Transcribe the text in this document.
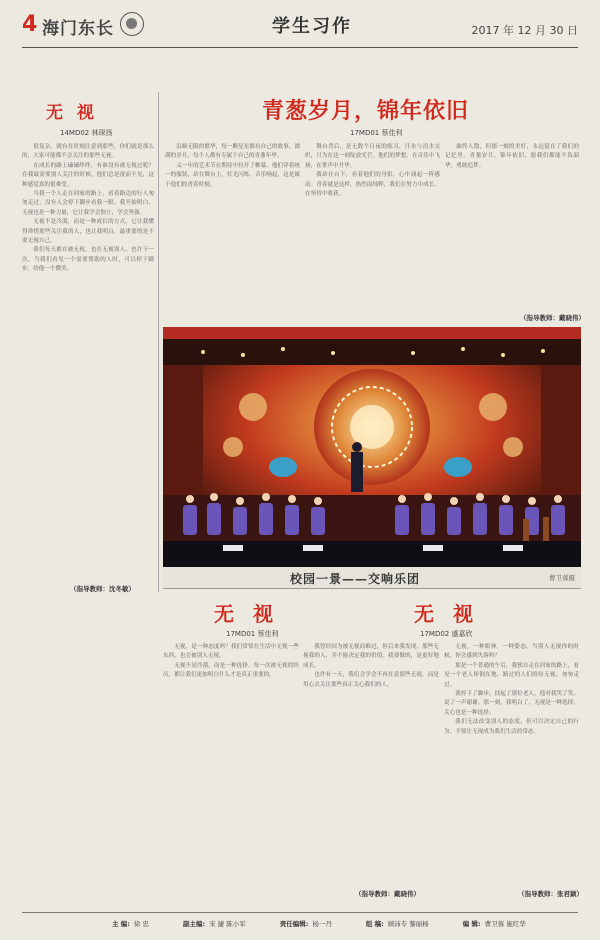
4 海门东长	学生习作	2017 年 12 月 30 日
无 视
14MD02 林琛扬

很复杂，就有在时刻注意到那些，你们就是那么的，大家可能都不会关注的那些无视。

在成长的路上磕磕绊绊，有谁没有被无视过呢？在我最需要别人关注的时候，他们总是视而不见，这种感觉真的很难受。

当我一个人走在回家的路上，看着路边的行人匆匆走过，没有人会停下脚步看我一眼。我开始明白，无视也是一种力量，它让我学会独立，学会坚强。

无视不是冷漠，而是一种成长的方式。它让我懂得珍惜那些关注我的人，也让我明白，最重要的是不要无视自己。

我们每天都在被无视，也在无视别人。也许下一次，当我们看见一个需要帮助的人时，可以停下脚步，给他一个微笑。

（指导教师：沈冬敏）
青葱岁月，锦年依旧
17MD01 蔡佳利

沿路无限的繁华，每一颗星星都有自己的故事，漂满的岁月，每个人都有专属于自己的青葱年华。

又一年的艺术节在期待中拉开了帷幕。他们穿着统一的服装，站在舞台上，灯光闪烁，音乐响起，这是属于他们的青春时刻。

舞台背后，是无数个日夜的练习，汗水与泪水交织，只为在这一刻绽放光芒。他们的梦想，在音乐中飞扬，在掌声中升华。

我站在台下，看着他们的身影，心中涌起一阵感动。青春就是这样，热烈而纯粹，我们在努力中成长，在坚持中收获。

曲终人散，但那一刻的美好，永远留在了我们的记忆里。青葱岁月，锦年依旧，愿我们都能不负韶华，勇敢追梦。

（指导教师：戴晓伟）
校园一景——交响乐团	曹卫蓉摄
无 视
17MD01 蔡佳利

无视，是一种态度吗？我们常常在生活中无视一些东西，也会被别人无视。

无视不是冷漠，而是一种选择。每一次被无视的经历，都让我们更加明白什么才是真正重要的。

我曾经因为被无视而难过，但后来我发现，那些无视我的人，并不能决定我的价值。我要做的，是更好地成长。

也许有一天，我们会学会不再在意那些无视，而是用心去关注那些真正关心我们的人。

（指导教师：戴晓伟）
无 视
17MD02 盛嘉欣

无视，一种眼神，一种姿态。当别人无视你的时候，你会感到失落吗？

那是一个普通的午后，我独自走在回家的路上，看见一个老人摔倒在地，路过的人们纷纷无视，匆匆走过。

我停下了脚步，扶起了那位老人。他对我笑了笑，说了一声谢谢。那一刻，我明白了，无视是一种选择，关心也是一种选择。

我们无法改变别人的态度，但可以决定自己的行为。不要让无视成为我们生活的常态。

（指导教师：张君颖）
主 编: 徐 忠	副主编: 宋 捷 陈小军	责任编辑: 杨一丹	组 稿: 顾沛专 黎丽杨	编 辑: 曹卫蓉 施红华
